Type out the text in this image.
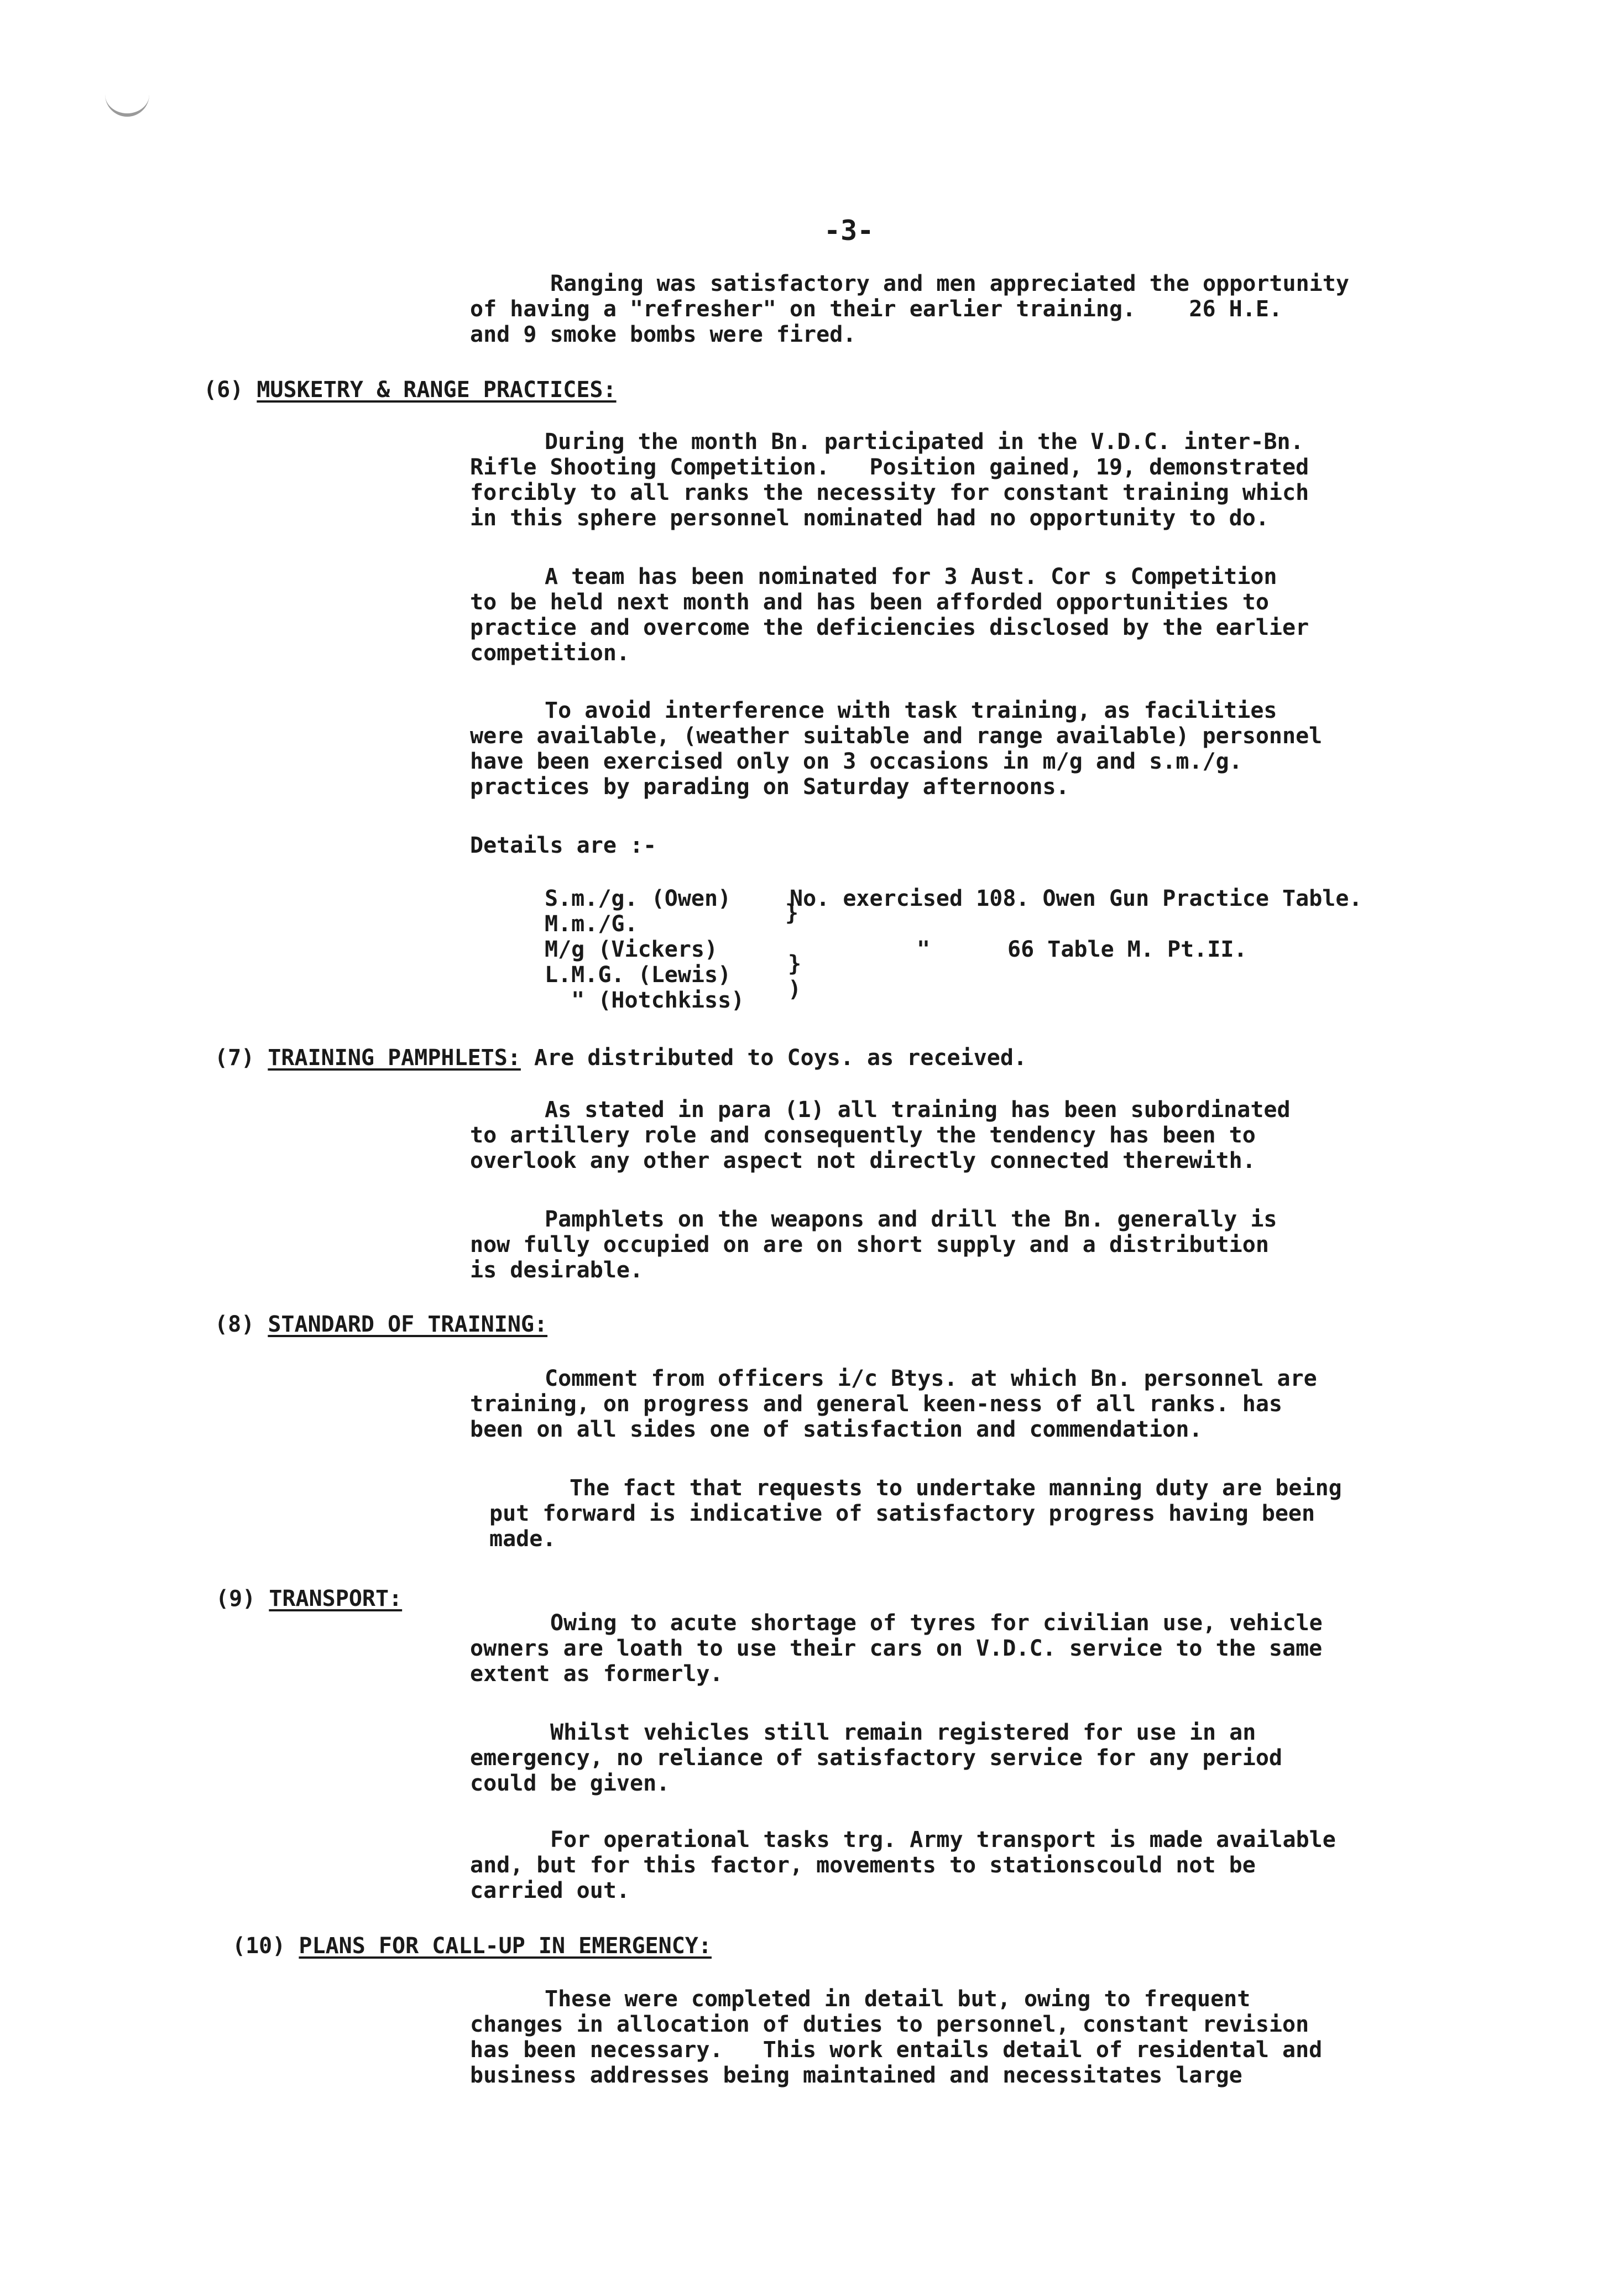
-3-
Ranging was satisfactory and men appreciated the opportunity
of having a "refresher" on their earlier training.    26 H.E.
and 9 smoke bombs were fired.
(6) MUSKETRY & RANGE PRACTICES:
During the month Bn. participated in the V.D.C. inter-Bn.
Rifle Shooting Competition.   Position gained, 19, demonstrated
forcibly to all ranks the necessity for constant training which
in this sphere personnel nominated had no opportunity to do.
A team has been nominated for 3 Aust. Cor s Competition
to be held next month and has been afforded opportunities to
practice and overcome the deficiencies disclosed by the earlier
competition.
To avoid interference with task training, as facilities
were available, (weather suitable and range available) personnel
have been exercised only on 3 occasions in m/g and s.m./g.
practices by parading on Saturday afternoons.
Details are :-
S.m./g. (Owen)
M.m./G.
M/g (Vickers)
L.M.G. (Lewis)
" (Hotchkiss)
}
}
)
No. exercised 108. Owen Gun Practice Table.
"	66 Table M. Pt.II.
(7) TRAINING PAMPHLETS: Are distributed to Coys. as received.
As stated in para (1) all training has been subordinated
to artillery role and consequently the tendency has been to
overlook any other aspect not directly connected therewith.
Pamphlets on the weapons and drill the Bn. generally is
now fully occupied on are on short supply and a distribution
is desirable.
(8) STANDARD OF TRAINING:
Comment from officers i/c Btys. at which Bn. personnel are
training, on progress and general keen-ness of all ranks. has
been on all sides one of satisfaction and commendation.
The fact that requests to undertake manning duty are being
put forward is indicative of satisfactory progress having been
made.
(9) TRANSPORT:
Owing to acute shortage of tyres for civilian use, vehicle
owners are loath to use their cars on V.D.C. service to the same
extent as formerly.
Whilst vehicles still remain registered for use in an
emergency, no reliance of satisfactory service for any period
could be given.
For operational tasks trg. Army transport is made available
and, but for this factor, movements to stationscould not be
carried out.
(10) PLANS FOR CALL-UP IN EMERGENCY:
These were completed in detail but, owing to frequent
changes in allocation of duties to personnel, constant revision
has been necessary.   This work entails detail of residental and
business addresses being maintained and necessitates large
